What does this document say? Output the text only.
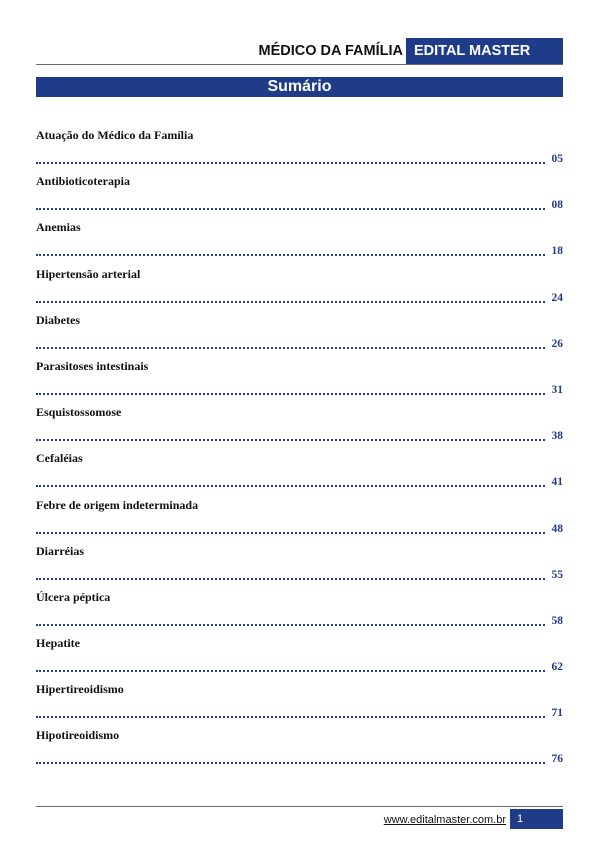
MÉDICO DA FAMÍLIA EDITAL MASTER
Sumário
Atuação do Médico da Família
05
Antibioticoterapia
08
Anemias
18
Hipertensão arterial
24
Diabetes
26
Parasitoses intestinais
31
Esquistossomose
38
Cefaléias
41
Febre de origem indeterminada
48
Diarréias
55
Úlcera péptica
58
Hepatite
62
Hipertireoidismo
71
Hipotireoidismo
76
www.editalmaster.com.br	1
